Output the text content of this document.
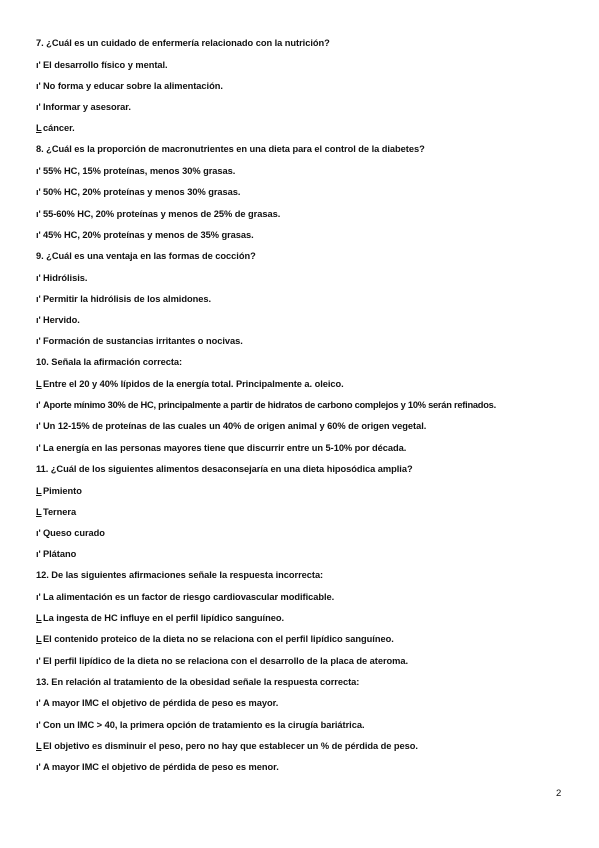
7. ¿Cuál es un cuidado de enfermería relacionado con la nutrición?
ı' El desarrollo físico y mental.
ı' No forma y educar sobre la alimentación.
ı' Informar y asesorar.
Lcáncer.
8. ¿Cuál es la proporción de macronutrientes en una dieta para el control de la diabetes?
ı' 55% HC, 15% proteínas, menos 30% grasas.
ı' 50% HC, 20% proteínas y menos 30% grasas.
ı' 55-60% HC, 20% proteínas y menos de 25% de grasas.
ı' 45% HC, 20% proteínas y menos de 35% grasas.
9. ¿Cuál es una ventaja en las formas de cocción?
ı' Hidrólisis.
ı' Permitir la hidrólisis de los almidones.
ı' Hervido.
ı' Formación de sustancias irritantes o nocivas.
10. Señala la afirmación correcta:
LEntre el 20 y 40% lípidos de la energía total. Principalmente a. oleico.
ı' Aporte mínimo 30% de HC, principalmente a partir de hidratos de carbono complejos y 10% serán refinados.
ı' Un 12-15% de proteínas de las cuales un 40% de origen animal y 60% de origen vegetal.
ı' La energía en las personas mayores tiene que discurrir entre un 5-10% por década.
11. ¿Cuál de los siguientes alimentos desaconsejaría en una dieta hiposódica amplia?
LPimiento
LTernera
ı' Queso curado
ı' Plátano
12. De las siguientes afirmaciones señale la respuesta incorrecta:
ı' La alimentación es un factor de riesgo cardiovascular modificable.
LLa ingesta de HC influye en el perfil lipídico sanguíneo.
LEl contenido proteico de la dieta no se relaciona con el perfil lipídico sanguíneo.
ı' El perfil lipídico de la dieta no se relaciona con el desarrollo de la placa de ateroma.
13. En relación al tratamiento de la obesidad señale la respuesta correcta:
ı' A mayor IMC el objetivo de pérdida de peso es mayor.
ı' Con un IMC > 40, la primera opción de tratamiento es la cirugía bariátrica.
LEl objetivo es disminuir el peso, pero no hay que establecer un % de pérdida de peso.
ı' A mayor IMC el objetivo de pérdida de peso es menor.
2
